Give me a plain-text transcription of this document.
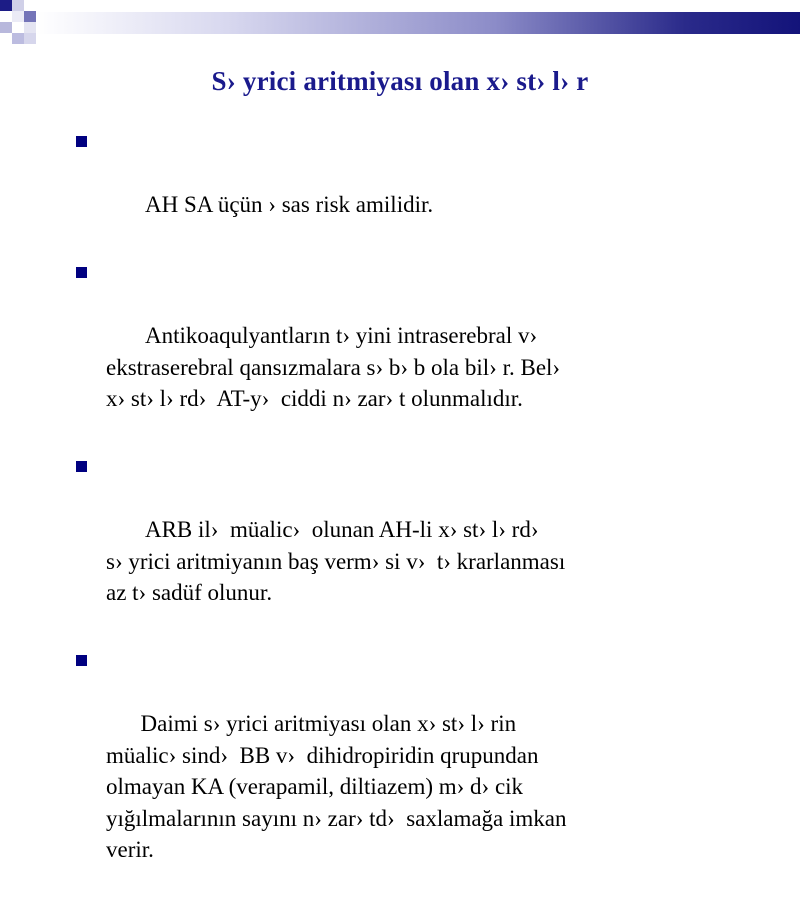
S› yrici aritmiyası olan x› st› l› r

AH SA üçün › sas risk amilidir.

Antikoaqulyantların t› yini intraserebral v›
ekstraserebral qansızmalara s› b› b ola bil› r. Bel›
x› st› l› rd›  AT-y›  ciddi n› zar› t olunmalıdır.

ARB il›  müalic›  olunan AH-li x› st› l› rd›
s› yrici aritmiyanın baş verm› si v›  t› krarlanması
az t› sadüf olunur.

Daimi s› yrici aritmiyası olan x› st› l› rin
müalic› sind›  BB v›  dihidropiridin qrupundan
olmayan KA (verapamil, diltiazem) m› d› cik
yığılmalarının sayını n› zar› td›  saxlamağa imkan
verir.
